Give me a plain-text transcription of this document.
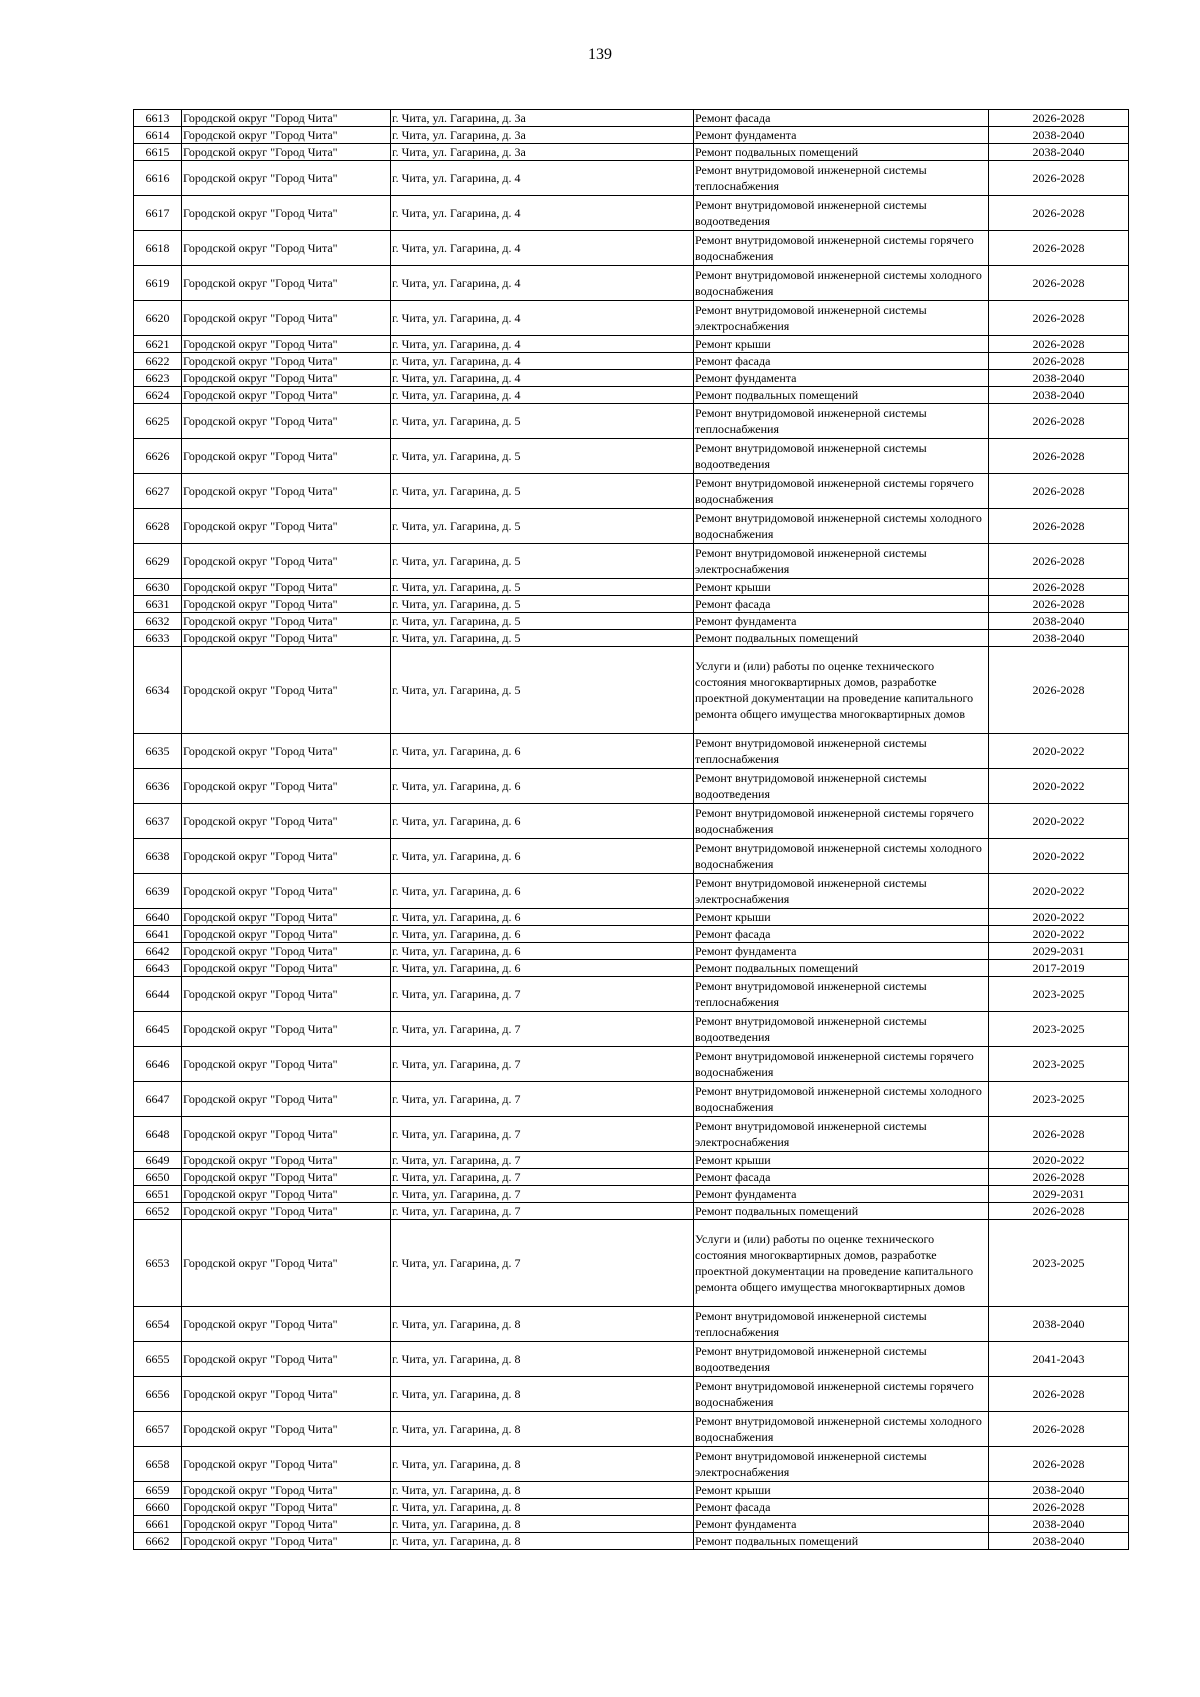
139
6613	Городской округ "Город Чита"	г. Чита, ул. Гагарина, д. 3а	Ремонт фасада	2026-2028
6614	Городской округ "Город Чита"	г. Чита, ул. Гагарина, д. 3а	Ремонт фундамента	2038-2040
6615	Городской округ "Город Чита"	г. Чита, ул. Гагарина, д. 3а	Ремонт подвальных помещений	2038-2040
6616	Городской округ "Город Чита"	г. Чита, ул. Гагарина, д. 4	Ремонт внутридомовой инженерной системы теплоснабжения	2026-2028
6617	Городской округ "Город Чита"	г. Чита, ул. Гагарина, д. 4	Ремонт внутридомовой инженерной системы водоотведения	2026-2028
6618	Городской округ "Город Чита"	г. Чита, ул. Гагарина, д. 4	Ремонт внутридомовой инженерной системы горячего водоснабжения	2026-2028
6619	Городской округ "Город Чита"	г. Чита, ул. Гагарина, д. 4	Ремонт внутридомовой инженерной системы холодного водоснабжения	2026-2028
6620	Городской округ "Город Чита"	г. Чита, ул. Гагарина, д. 4	Ремонт внутридомовой инженерной системы электроснабжения	2026-2028
6621	Городской округ "Город Чита"	г. Чита, ул. Гагарина, д. 4	Ремонт крыши	2026-2028
6622	Городской округ "Город Чита"	г. Чита, ул. Гагарина, д. 4	Ремонт фасада	2026-2028
6623	Городской округ "Город Чита"	г. Чита, ул. Гагарина, д. 4	Ремонт фундамента	2038-2040
6624	Городской округ "Город Чита"	г. Чита, ул. Гагарина, д. 4	Ремонт подвальных помещений	2038-2040
6625	Городской округ "Город Чита"	г. Чита, ул. Гагарина, д. 5	Ремонт внутридомовой инженерной системы теплоснабжения	2026-2028
6626	Городской округ "Город Чита"	г. Чита, ул. Гагарина, д. 5	Ремонт внутридомовой инженерной системы водоотведения	2026-2028
6627	Городской округ "Город Чита"	г. Чита, ул. Гагарина, д. 5	Ремонт внутридомовой инженерной системы горячего водоснабжения	2026-2028
6628	Городской округ "Город Чита"	г. Чита, ул. Гагарина, д. 5	Ремонт внутридомовой инженерной системы холодного водоснабжения	2026-2028
6629	Городской округ "Город Чита"	г. Чита, ул. Гагарина, д. 5	Ремонт внутридомовой инженерной системы электроснабжения	2026-2028
6630	Городской округ "Город Чита"	г. Чита, ул. Гагарина, д. 5	Ремонт крыши	2026-2028
6631	Городской округ "Город Чита"	г. Чита, ул. Гагарина, д. 5	Ремонт фасада	2026-2028
6632	Городской округ "Город Чита"	г. Чита, ул. Гагарина, д. 5	Ремонт фундамента	2038-2040
6633	Городской округ "Город Чита"	г. Чита, ул. Гагарина, д. 5	Ремонт подвальных помещений	2038-2040
6634	Городской округ "Город Чита"	г. Чита, ул. Гагарина, д. 5	Услуги и (или) работы по оценке технического состояния многоквартирных домов, разработке проектной документации на проведение капитального ремонта общего имущества многоквартирных домов	2026-2028
6635	Городской округ "Город Чита"	г. Чита, ул. Гагарина, д. 6	Ремонт внутридомовой инженерной системы теплоснабжения	2020-2022
6636	Городской округ "Город Чита"	г. Чита, ул. Гагарина, д. 6	Ремонт внутридомовой инженерной системы водоотведения	2020-2022
6637	Городской округ "Город Чита"	г. Чита, ул. Гагарина, д. 6	Ремонт внутридомовой инженерной системы горячего водоснабжения	2020-2022
6638	Городской округ "Город Чита"	г. Чита, ул. Гагарина, д. 6	Ремонт внутридомовой инженерной системы холодного водоснабжения	2020-2022
6639	Городской округ "Город Чита"	г. Чита, ул. Гагарина, д. 6	Ремонт внутридомовой инженерной системы электроснабжения	2020-2022
6640	Городской округ "Город Чита"	г. Чита, ул. Гагарина, д. 6	Ремонт крыши	2020-2022
6641	Городской округ "Город Чита"	г. Чита, ул. Гагарина, д. 6	Ремонт фасада	2020-2022
6642	Городской округ "Город Чита"	г. Чита, ул. Гагарина, д. 6	Ремонт фундамента	2029-2031
6643	Городской округ "Город Чита"	г. Чита, ул. Гагарина, д. 6	Ремонт подвальных помещений	2017-2019
6644	Городской округ "Город Чита"	г. Чита, ул. Гагарина, д. 7	Ремонт внутридомовой инженерной системы теплоснабжения	2023-2025
6645	Городской округ "Город Чита"	г. Чита, ул. Гагарина, д. 7	Ремонт внутридомовой инженерной системы водоотведения	2023-2025
6646	Городской округ "Город Чита"	г. Чита, ул. Гагарина, д. 7	Ремонт внутридомовой инженерной системы горячего водоснабжения	2023-2025
6647	Городской округ "Город Чита"	г. Чита, ул. Гагарина, д. 7	Ремонт внутридомовой инженерной системы холодного водоснабжения	2023-2025
6648	Городской округ "Город Чита"	г. Чита, ул. Гагарина, д. 7	Ремонт внутридомовой инженерной системы электроснабжения	2026-2028
6649	Городской округ "Город Чита"	г. Чита, ул. Гагарина, д. 7	Ремонт крыши	2020-2022
6650	Городской округ "Город Чита"	г. Чита, ул. Гагарина, д. 7	Ремонт фасада	2026-2028
6651	Городской округ "Город Чита"	г. Чита, ул. Гагарина, д. 7	Ремонт фундамента	2029-2031
6652	Городской округ "Город Чита"	г. Чита, ул. Гагарина, д. 7	Ремонт подвальных помещений	2026-2028
6653	Городской округ "Город Чита"	г. Чита, ул. Гагарина, д. 7	Услуги и (или) работы по оценке технического состояния многоквартирных домов, разработке проектной документации на проведение капитального ремонта общего имущества многоквартирных домов	2023-2025
6654	Городской округ "Город Чита"	г. Чита, ул. Гагарина, д. 8	Ремонт внутридомовой инженерной системы теплоснабжения	2038-2040
6655	Городской округ "Город Чита"	г. Чита, ул. Гагарина, д. 8	Ремонт внутридомовой инженерной системы водоотведения	2041-2043
6656	Городской округ "Город Чита"	г. Чита, ул. Гагарина, д. 8	Ремонт внутридомовой инженерной системы горячего водоснабжения	2026-2028
6657	Городской округ "Город Чита"	г. Чита, ул. Гагарина, д. 8	Ремонт внутридомовой инженерной системы холодного водоснабжения	2026-2028
6658	Городской округ "Город Чита"	г. Чита, ул. Гагарина, д. 8	Ремонт внутридомовой инженерной системы электроснабжения	2026-2028
6659	Городской округ "Город Чита"	г. Чита, ул. Гагарина, д. 8	Ремонт крыши	2038-2040
6660	Городской округ "Город Чита"	г. Чита, ул. Гагарина, д. 8	Ремонт фасада	2026-2028
6661	Городской округ "Город Чита"	г. Чита, ул. Гагарина, д. 8	Ремонт фундамента	2038-2040
6662	Городской округ "Город Чита"	г. Чита, ул. Гагарина, д. 8	Ремонт подвальных помещений	2038-2040
